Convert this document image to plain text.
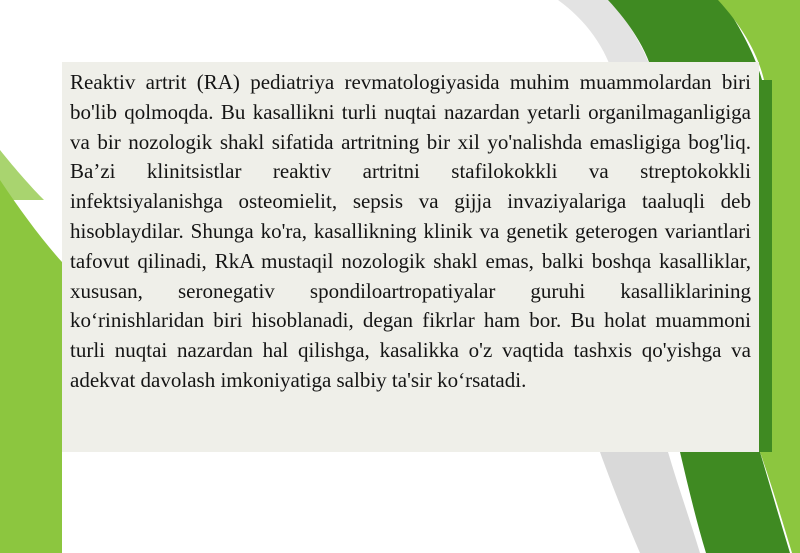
Reaktiv artrit (RA) pediatriya revmatologiyasida muhim muammolardan biri bo'lib qolmoqda. Bu kasallikni turli nuqtai nazardan yetarli organilmaganligiga va bir nozologik shakl sifatida artritning bir xil yo'nalishda emasligiga bog'liq. Ba’zi klinitsistlar reaktiv artritni stafilokokkli va streptokokkli infektsiyalanishga osteomielit, sepsis va gijja invaziyalariga taaluqli deb hisoblaydilar. Shunga ko'ra, kasallikning klinik va genetik geterogen variantlari tafovut qilinadi, RkA mustaqil nozologik shakl emas, balki boshqa kasalliklar, xususan, seronegativ spondiloartropatiyalar guruhi kasalliklarining ko‘rinishlaridan biri hisoblanadi, degan fikrlar ham bor. Bu holat muammoni turli nuqtai nazardan hal qilishga, kasalikka o'z vaqtida tashxis qo'yishga va adekvat davolash imkoniyatiga salbiy ta'sir ko‘rsatadi.
